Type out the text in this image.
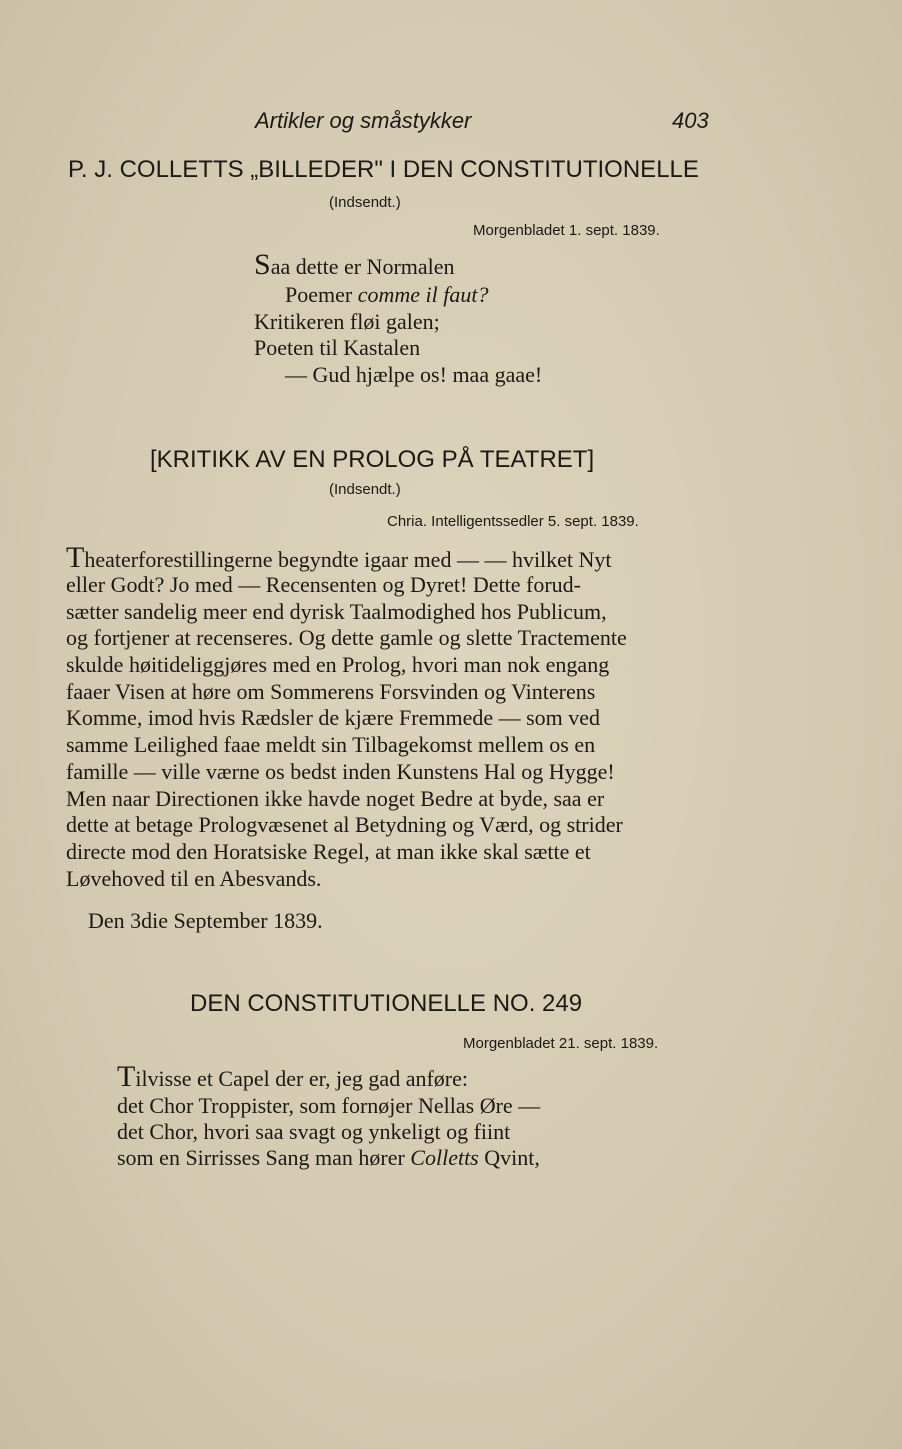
Artikler og småstykker	403
P. J. COLLETTS „BILLEDER" I DEN CONSTITUTIONELLE
(Indsendt.)
Morgenbladet 1. sept. 1839.
Saa dette er Normalen
Poemer comme il faut?
Kritikeren fløi galen;
Poeten til Kastalen
— Gud hjælpe os! maa gaae!
[KRITIKK AV EN PROLOG PÅ TEATRET]
(Indsendt.)
Chria. Intelligentssedler 5. sept. 1839.
Theaterforestillingerne begyndte igaar med — — hvilket Nyt
eller Godt? Jo med — Recensenten og Dyret! Dette forud-
sætter sandelig meer end dyrisk Taalmodighed hos Publicum,
og fortjener at recenseres. Og dette gamle og slette Tractemente
skulde høitideliggjøres med en Prolog, hvori man nok engang
faaer Visen at høre om Sommerens Forsvinden og Vinterens
Komme, imod hvis Rædsler de kjære Fremmede — som ved
samme Leilighed faae meldt sin Tilbagekomst mellem os en
famille — ville værne os bedst inden Kunstens Hal og Hygge!
Men naar Directionen ikke havde noget Bedre at byde, saa er
dette at betage Prologvæsenet al Betydning og Værd, og strider
directe mod den Horatsiske Regel, at man ikke skal sætte et
Løvehoved til en Abesvands.
Den 3die September 1839.
DEN CONSTITUTIONELLE NO. 249
Morgenbladet 21. sept. 1839.
Tilvisse et Capel der er, jeg gad anføre:
det Chor Troppister, som fornøjer Nellas Øre —
det Chor, hvori saa svagt og ynkeligt og fiint
som en Sirrisses Sang man hører Colletts Qvint,
